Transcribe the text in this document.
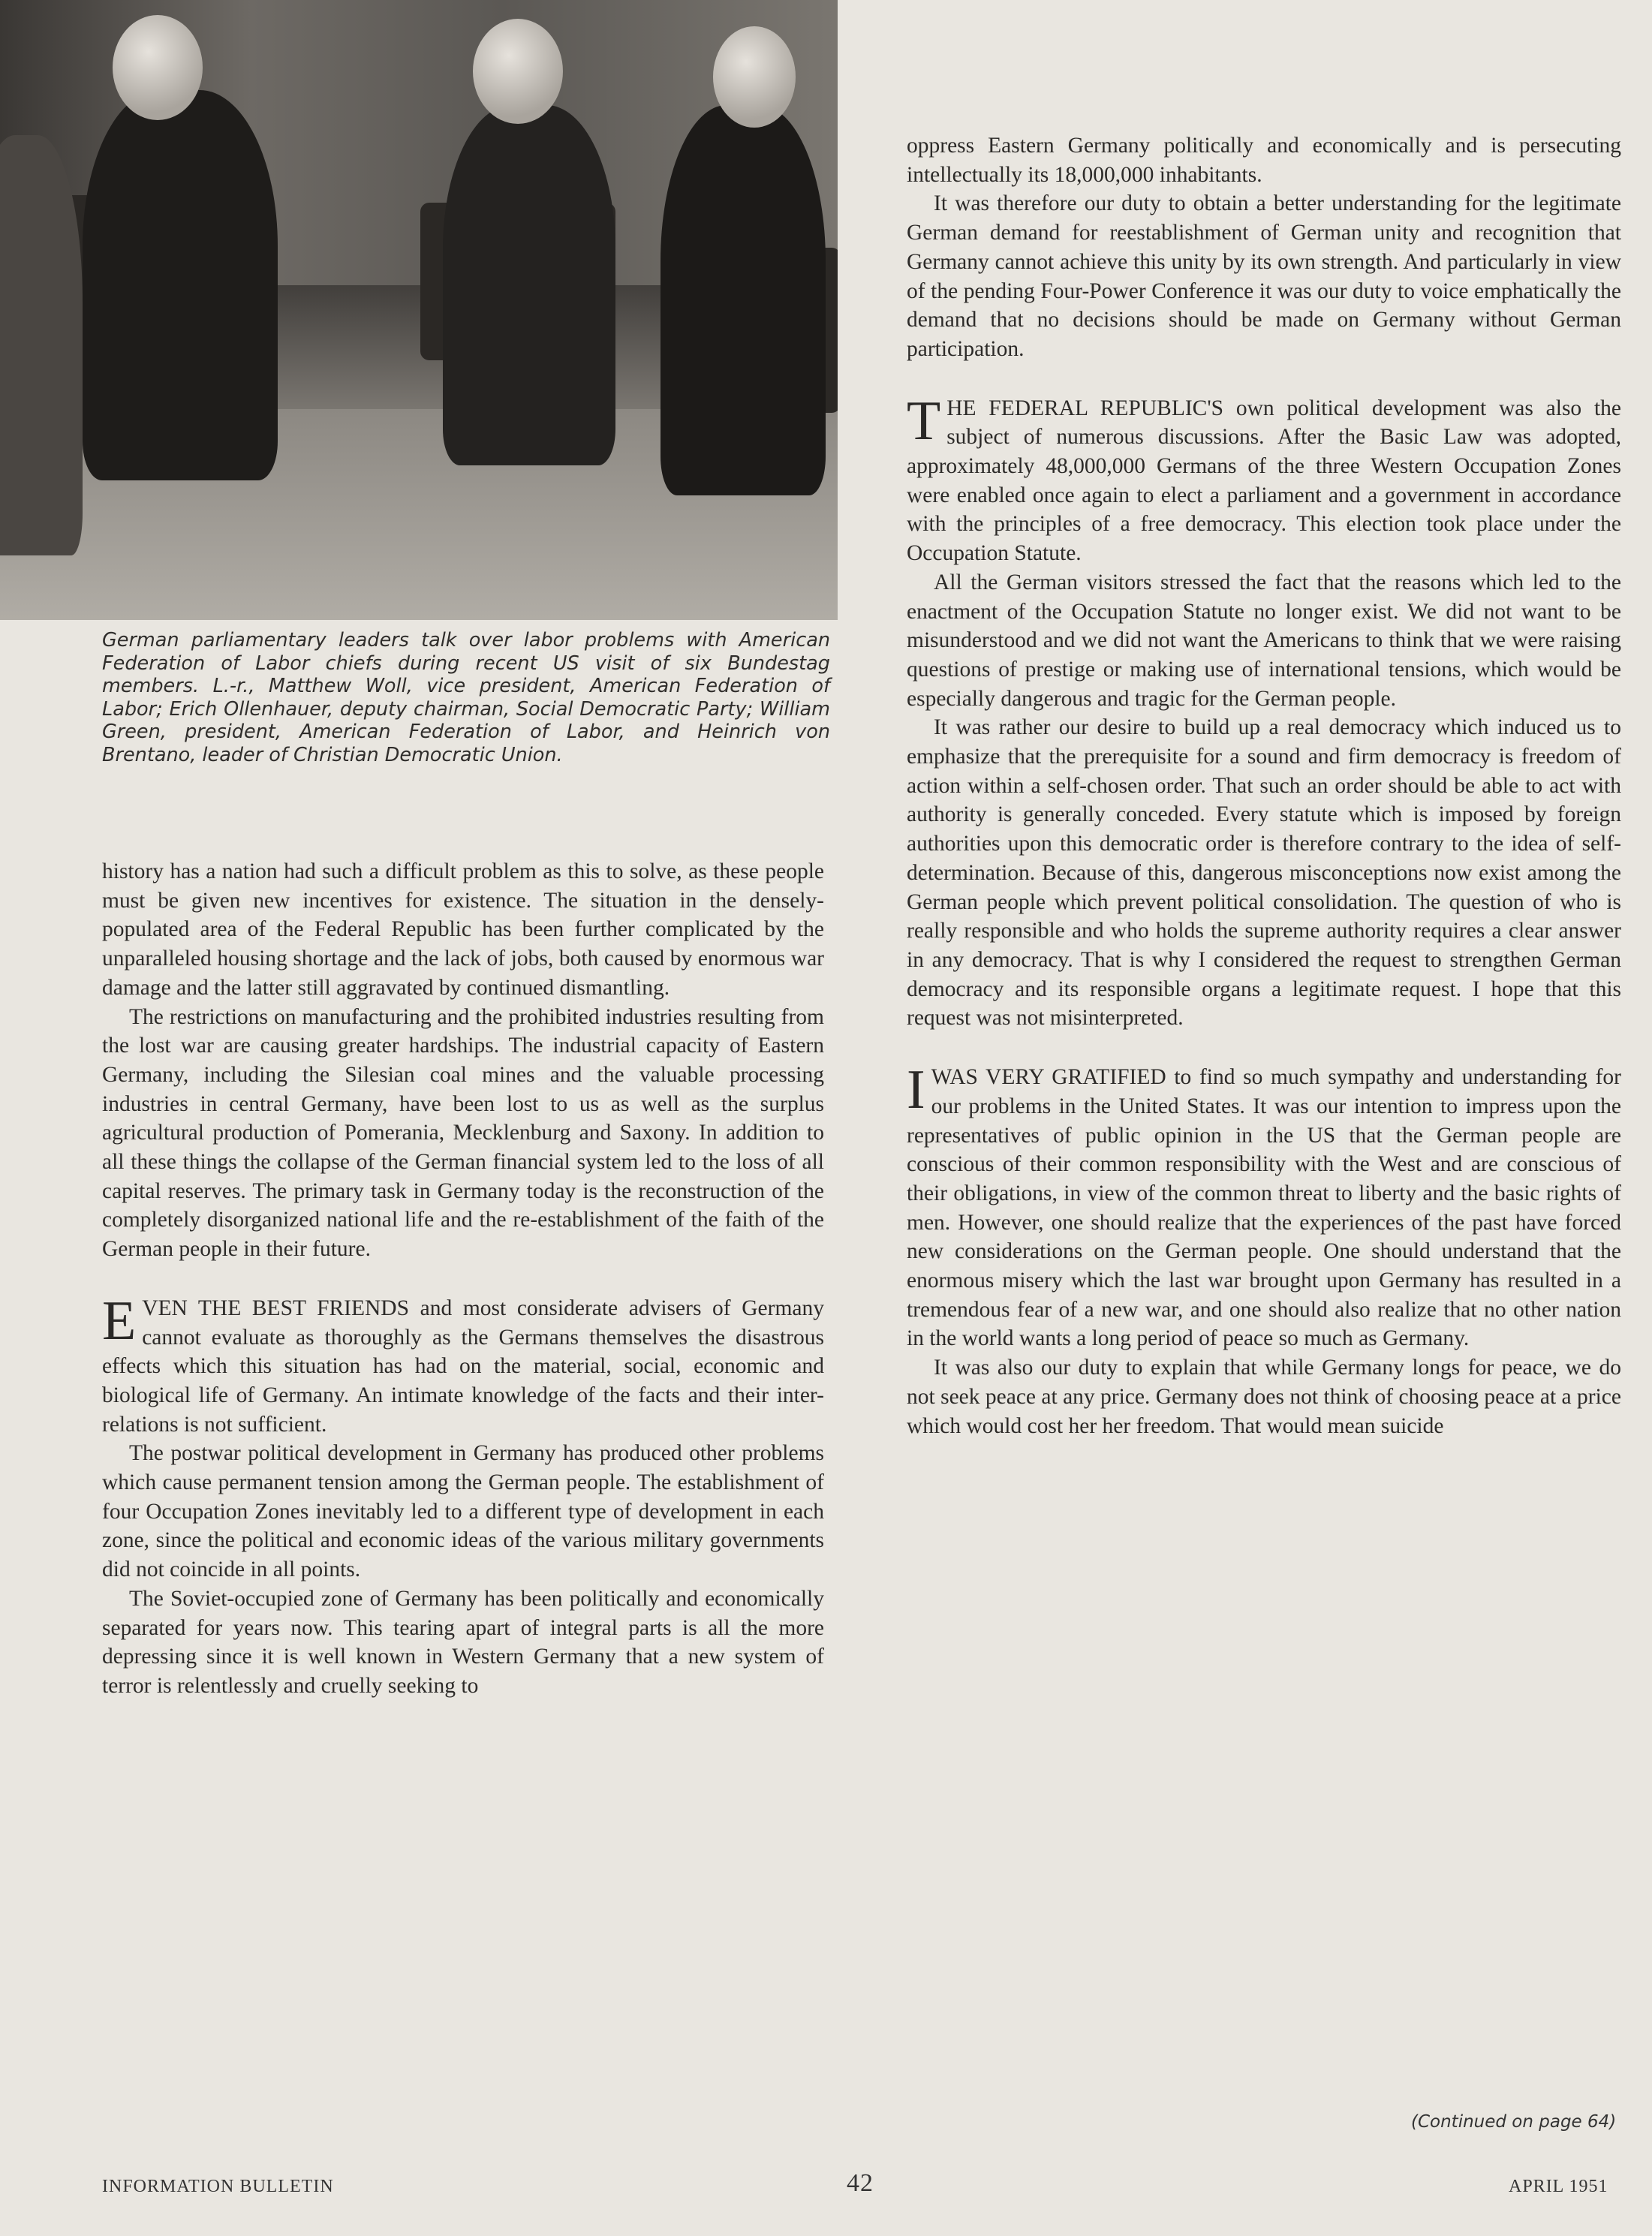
German parliamentary leaders talk over labor problems with American Federation of Labor chiefs during recent US visit of six Bundestag members. L.-r., Matthew Woll, vice president, American Federation of Labor; Erich Ollenhauer, deputy chairman, Social Democratic Party; William Green, president, American Federation of Labor, and Heinrich von Brentano, leader of Christian Democratic Union.

history has a nation had such a difficult problem as this to solve, as these people must be given new incentives for existence. The situation in the densely-populated area of the Federal Republic has been further complicated by the unparalleled housing shortage and the lack of jobs, both caused by enormous war damage and the latter still aggravated by continued dismantling.

The restrictions on manufacturing and the prohibited industries resulting from the lost war are causing greater hardships. The industrial capacity of Eastern Germany, including the Silesian coal mines and the valuable processing industries in central Germany, have been lost to us as well as the surplus agricultural production of Pomerania, Mecklenburg and Saxony. In addition to all these things the collapse of the German financial system led to the loss of all capital reserves. The primary task in Germany today is the reconstruction of the completely disorganized national life and the re-establishment of the faith of the German people in their future.

EVEN THE BEST FRIENDS and most considerate advisers of Germany cannot evaluate as thoroughly as the Germans themselves the disastrous effects which this situation has had on the material, social, economic and biological life of Germany. An intimate knowledge of the facts and their inter-relations is not sufficient.

The postwar political development in Germany has produced other problems which cause permanent tension among the German people. The establishment of four Occupation Zones inevitably led to a different type of development in each zone, since the political and economic ideas of the various military governments did not coincide in all points.

The Soviet-occupied zone of Germany has been politically and economically separated for years now. This tearing apart of integral parts is all the more depressing since it is well known in Western Germany that a new system of terror is relentlessly and cruelly seeking to

oppress Eastern Germany politically and economically and is persecuting intellectually its 18,000,000 inhabitants.

It was therefore our duty to obtain a better understanding for the legitimate German demand for reestablishment of German unity and recognition that Germany cannot achieve this unity by its own strength. And particularly in view of the pending Four-Power Conference it was our duty to voice emphatically the demand that no decisions should be made on Germany without German participation.

THE FEDERAL REPUBLIC'S own political development was also the subject of numerous discussions. After the Basic Law was adopted, approximately 48,000,000 Germans of the three Western Occupation Zones were enabled once again to elect a parliament and a government in accordance with the principles of a free democracy. This election took place under the Occupation Statute.

All the German visitors stressed the fact that the reasons which led to the enactment of the Occupation Statute no longer exist. We did not want to be misunderstood and we did not want the Americans to think that we were raising questions of prestige or making use of international tensions, which would be especially dangerous and tragic for the German people.

It was rather our desire to build up a real democracy which induced us to emphasize that the prerequisite for a sound and firm democracy is freedom of action within a self-chosen order. That such an order should be able to act with authority is generally conceded. Every statute which is imposed by foreign authorities upon this democratic order is therefore contrary to the idea of self-determination. Because of this, dangerous misconceptions now exist among the German people which prevent political consolidation. The question of who is really responsible and who holds the supreme authority requires a clear answer in any democracy. That is why I considered the request to strengthen German democracy and its responsible organs a legitimate request. I hope that this request was not misinterpreted.

IWAS VERY GRATIFIED to find so much sympathy and understanding for our problems in the United States. It was our intention to impress upon the representatives of public opinion in the US that the German people are conscious of their common responsibility with the West and are conscious of their obligations, in view of the common threat to liberty and the basic rights of men. However, one should realize that the experiences of the past have forced new considerations on the German people. One should understand that the enormous misery which the last war brought upon Germany has resulted in a tremendous fear of a new war, and one should also realize that no other nation in the world wants a long period of peace so much as Germany.

It was also our duty to explain that while Germany longs for peace, we do not seek peace at any price. Germany does not think of choosing peace at a price which would cost her her freedom. That would mean suicide

(Continued on page 64)
INFORMATION BULLETIN	42	APRIL 1951
